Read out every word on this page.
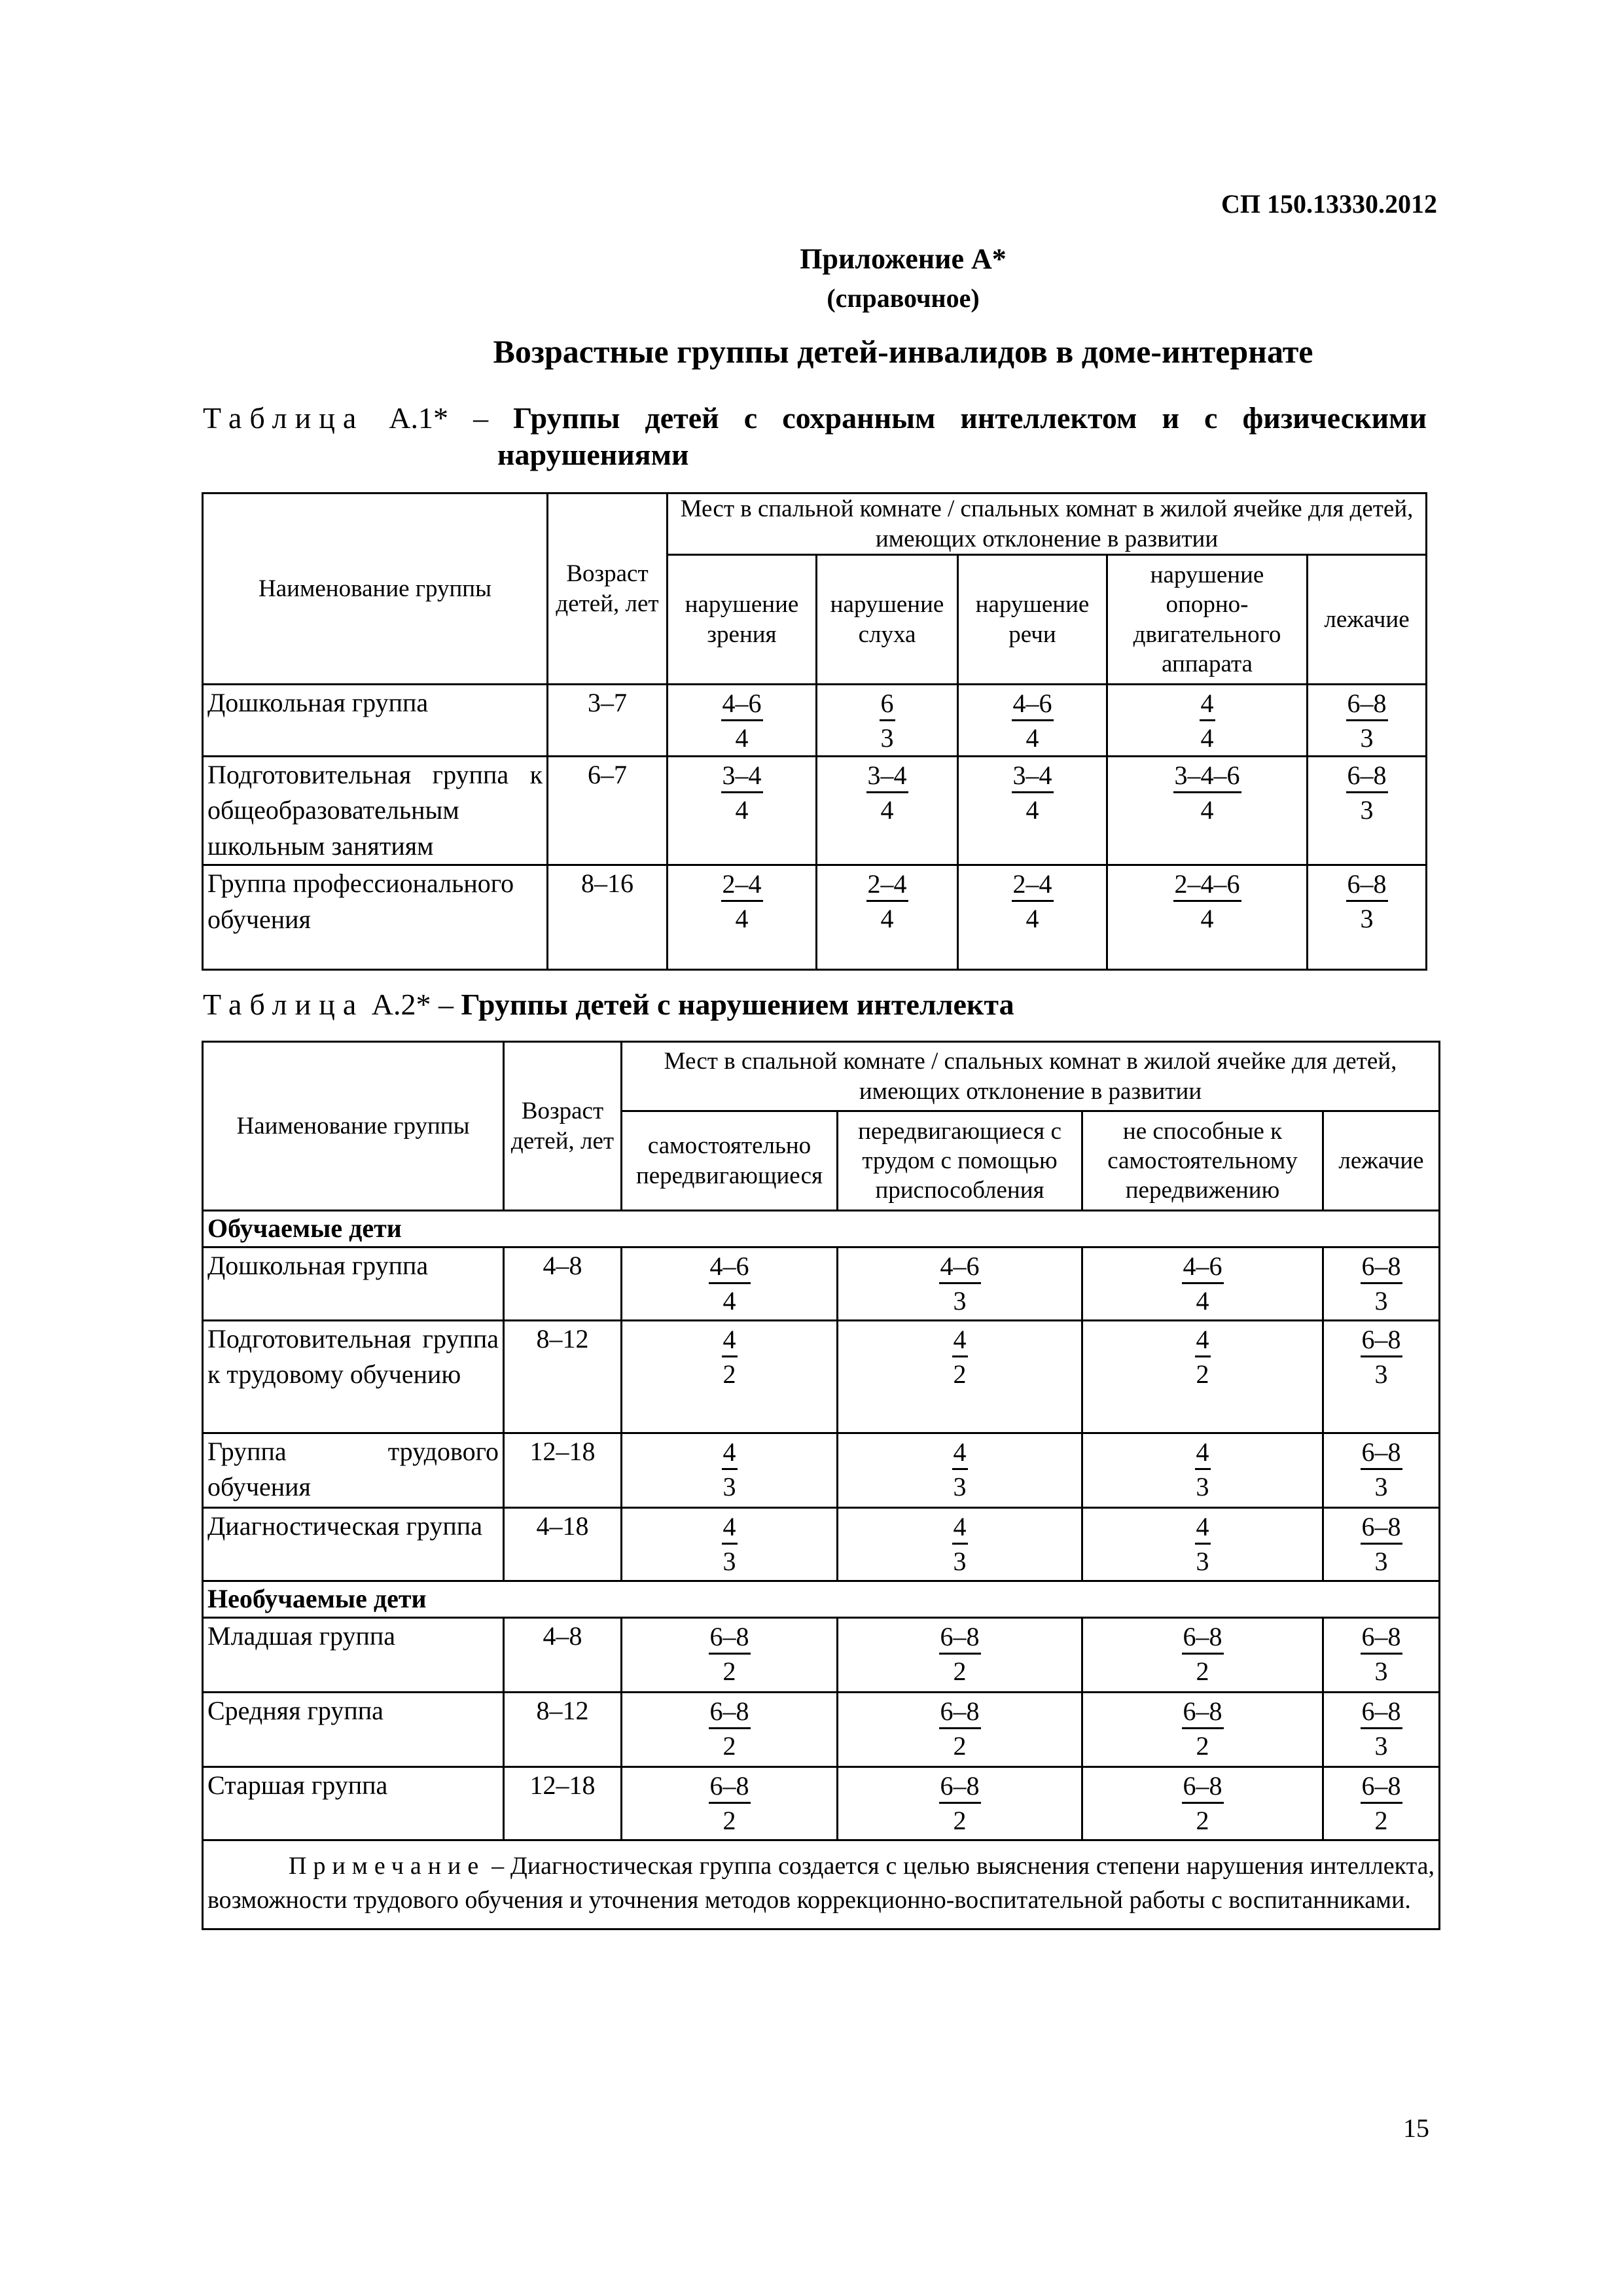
СП 150.13330.2012
Приложение А*
(справочное)
Возрастные группы детей-инвалидов в доме-интернате
Таблица А.1* – Группы детей с сохранным интеллектом и с физическими
нарушениями
Наименование группы	Возраст детей, лет	Мест в спальной комнате / спальных комнат в жилой ячейке для детей, имеющих отклонение в развитии				
		нарушение зрения	нарушение слуха	нарушение речи	нарушение опорно-двигательного аппарата	лежачие
Дошкольная группа	3–7	$\frac{4-6}{4}$	$\frac{6}{3}$	$\frac{4-6}{4}$	$\frac{4}{4}$	$\frac{6-8}{3}$

Подготовительная группа к общеобразовательным школьным занятиям	6–7	$\frac{3-4}{4}$	$\frac{3-4}{4}$	$\frac{3-4}{4}$	$\frac{3-4-6}{4}$	$\frac{6-8}{3}$

Группа профессионального обучения	8–16	$\frac{2-4}{4}$	$\frac{2-4}{4}$	$\frac{2-4}{4}$	$\frac{2-4-6}{4}$	$\frac{6-8}{3}$
Таблица А.2* – Группы детей с нарушением интеллекта
Наименование группы	Возраст детей, лет	Мест в спальной комнате / спальных комнат в жилой ячейке для детей, имеющих отклонение в развитии			
		самостоятельно передвигающиеся	передвигающиеся с трудом с помощью приспособления	не способные к самостоятельному передвижению	лежачие
Обучаемые дети					
Дошкольная группа	4–8	$\frac{4-6}{4}$	$\frac{4-6}{3}$	$\frac{4-6}{4}$	$\frac{6-8}{3}$

Подготовительная группа к трудовому обучению	8–12	$\frac{4}{2}$	$\frac{4}{2}$	$\frac{4}{2}$	$\frac{6-8}{3}$

Группа трудового обучения	12–18	$\frac{4}{3}$	$\frac{4}{3}$	$\frac{4}{3}$	$\frac{6-8}{3}$

Диагностическая группа	4–18	$\frac{4}{3}$	$\frac{4}{3}$	$\frac{4}{3}$	$\frac{6-8}{3}$

Необучаемые дети					
Младшая группа	4–8	$\frac{6-8}{2}$	$\frac{6-8}{2}$	$\frac{6-8}{2}$	$\frac{6-8}{3}$

Средняя группа	8–12	$\frac{6-8}{2}$	$\frac{6-8}{2}$	$\frac{6-8}{2}$	$\frac{6-8}{3}$

Старшая группа	12–18	$\frac{6-8}{2}$	$\frac{6-8}{2}$	$\frac{6-8}{2}$	$\frac{6-8}{2}$

Примечание – Диагностическая группа создается с целью выяснения степени нарушения интеллекта, возможности трудового обучения и уточнения методов коррекционно-воспитательной работы с воспитанниками.					
15
